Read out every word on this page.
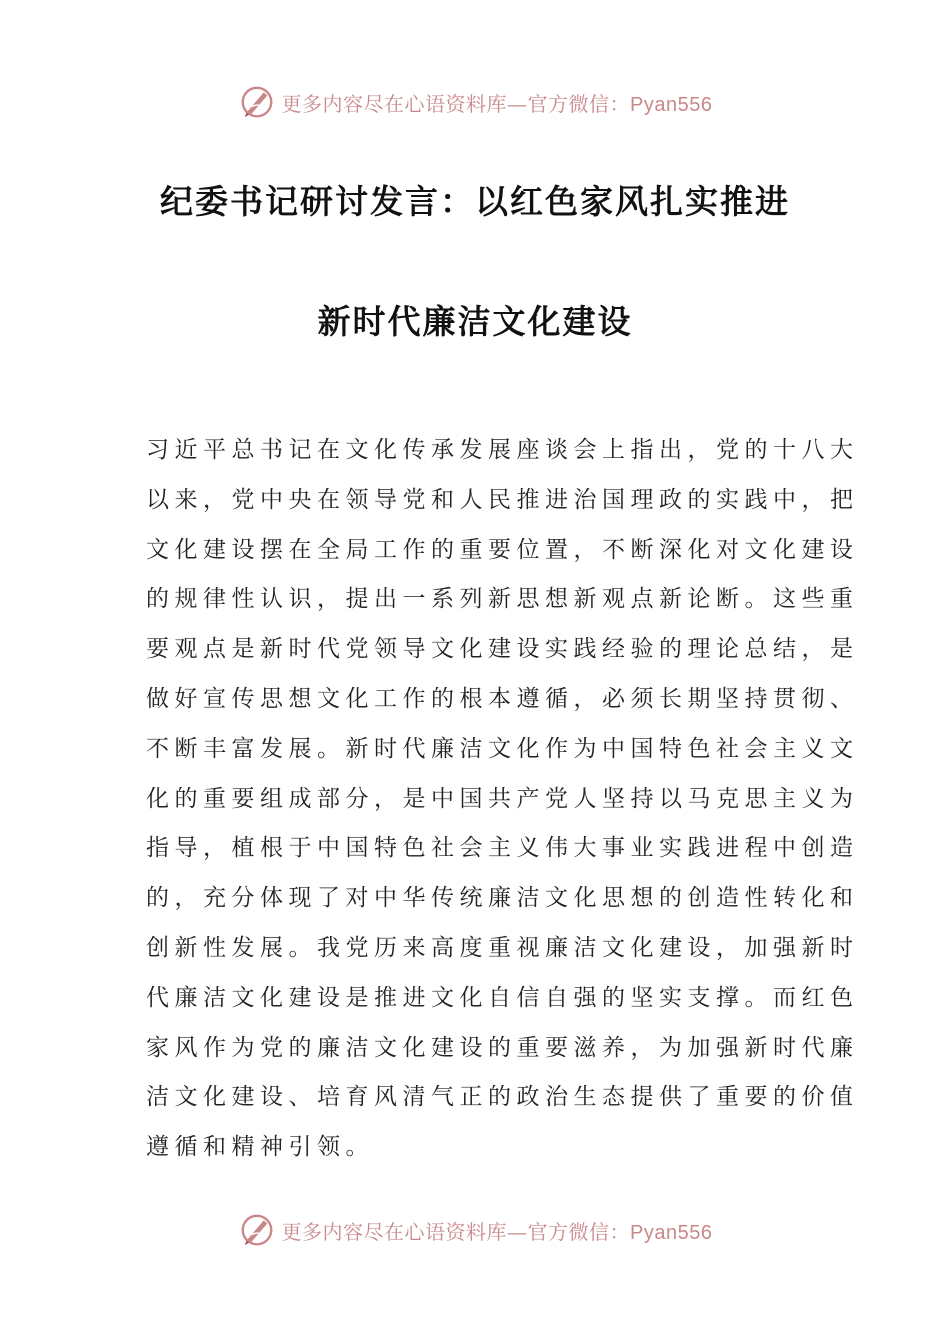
更多内容尽在心语资料库—官方微信：Pyan556
纪委书记研讨发言：以红色家风扎实推进
新时代廉洁文化建设
习近平总书记在文化传承发展座谈会上指出，党的十八大
以来，党中央在领导党和人民推进治国理政的实践中，把
文化建设摆在全局工作的重要位置，不断深化对文化建设
的规律性认识，提出一系列新思想新观点新论断。这些重
要观点是新时代党领导文化建设实践经验的理论总结，是
做好宣传思想文化工作的根本遵循，必须长期坚持贯彻、
不断丰富发展。新时代廉洁文化作为中国特色社会主义文
化的重要组成部分，是中国共产党人坚持以马克思主义为
指导，植根于中国特色社会主义伟大事业实践进程中创造
的，充分体现了对中华传统廉洁文化思想的创造性转化和
创新性发展。我党历来高度重视廉洁文化建设，加强新时
代廉洁文化建设是推进文化自信自强的坚实支撑。而红色
家风作为党的廉洁文化建设的重要滋养，为加强新时代廉
洁文化建设、培育风清气正的政治生态提供了重要的价值
遵循和精神引领。
更多内容尽在心语资料库—官方微信：Pyan556
